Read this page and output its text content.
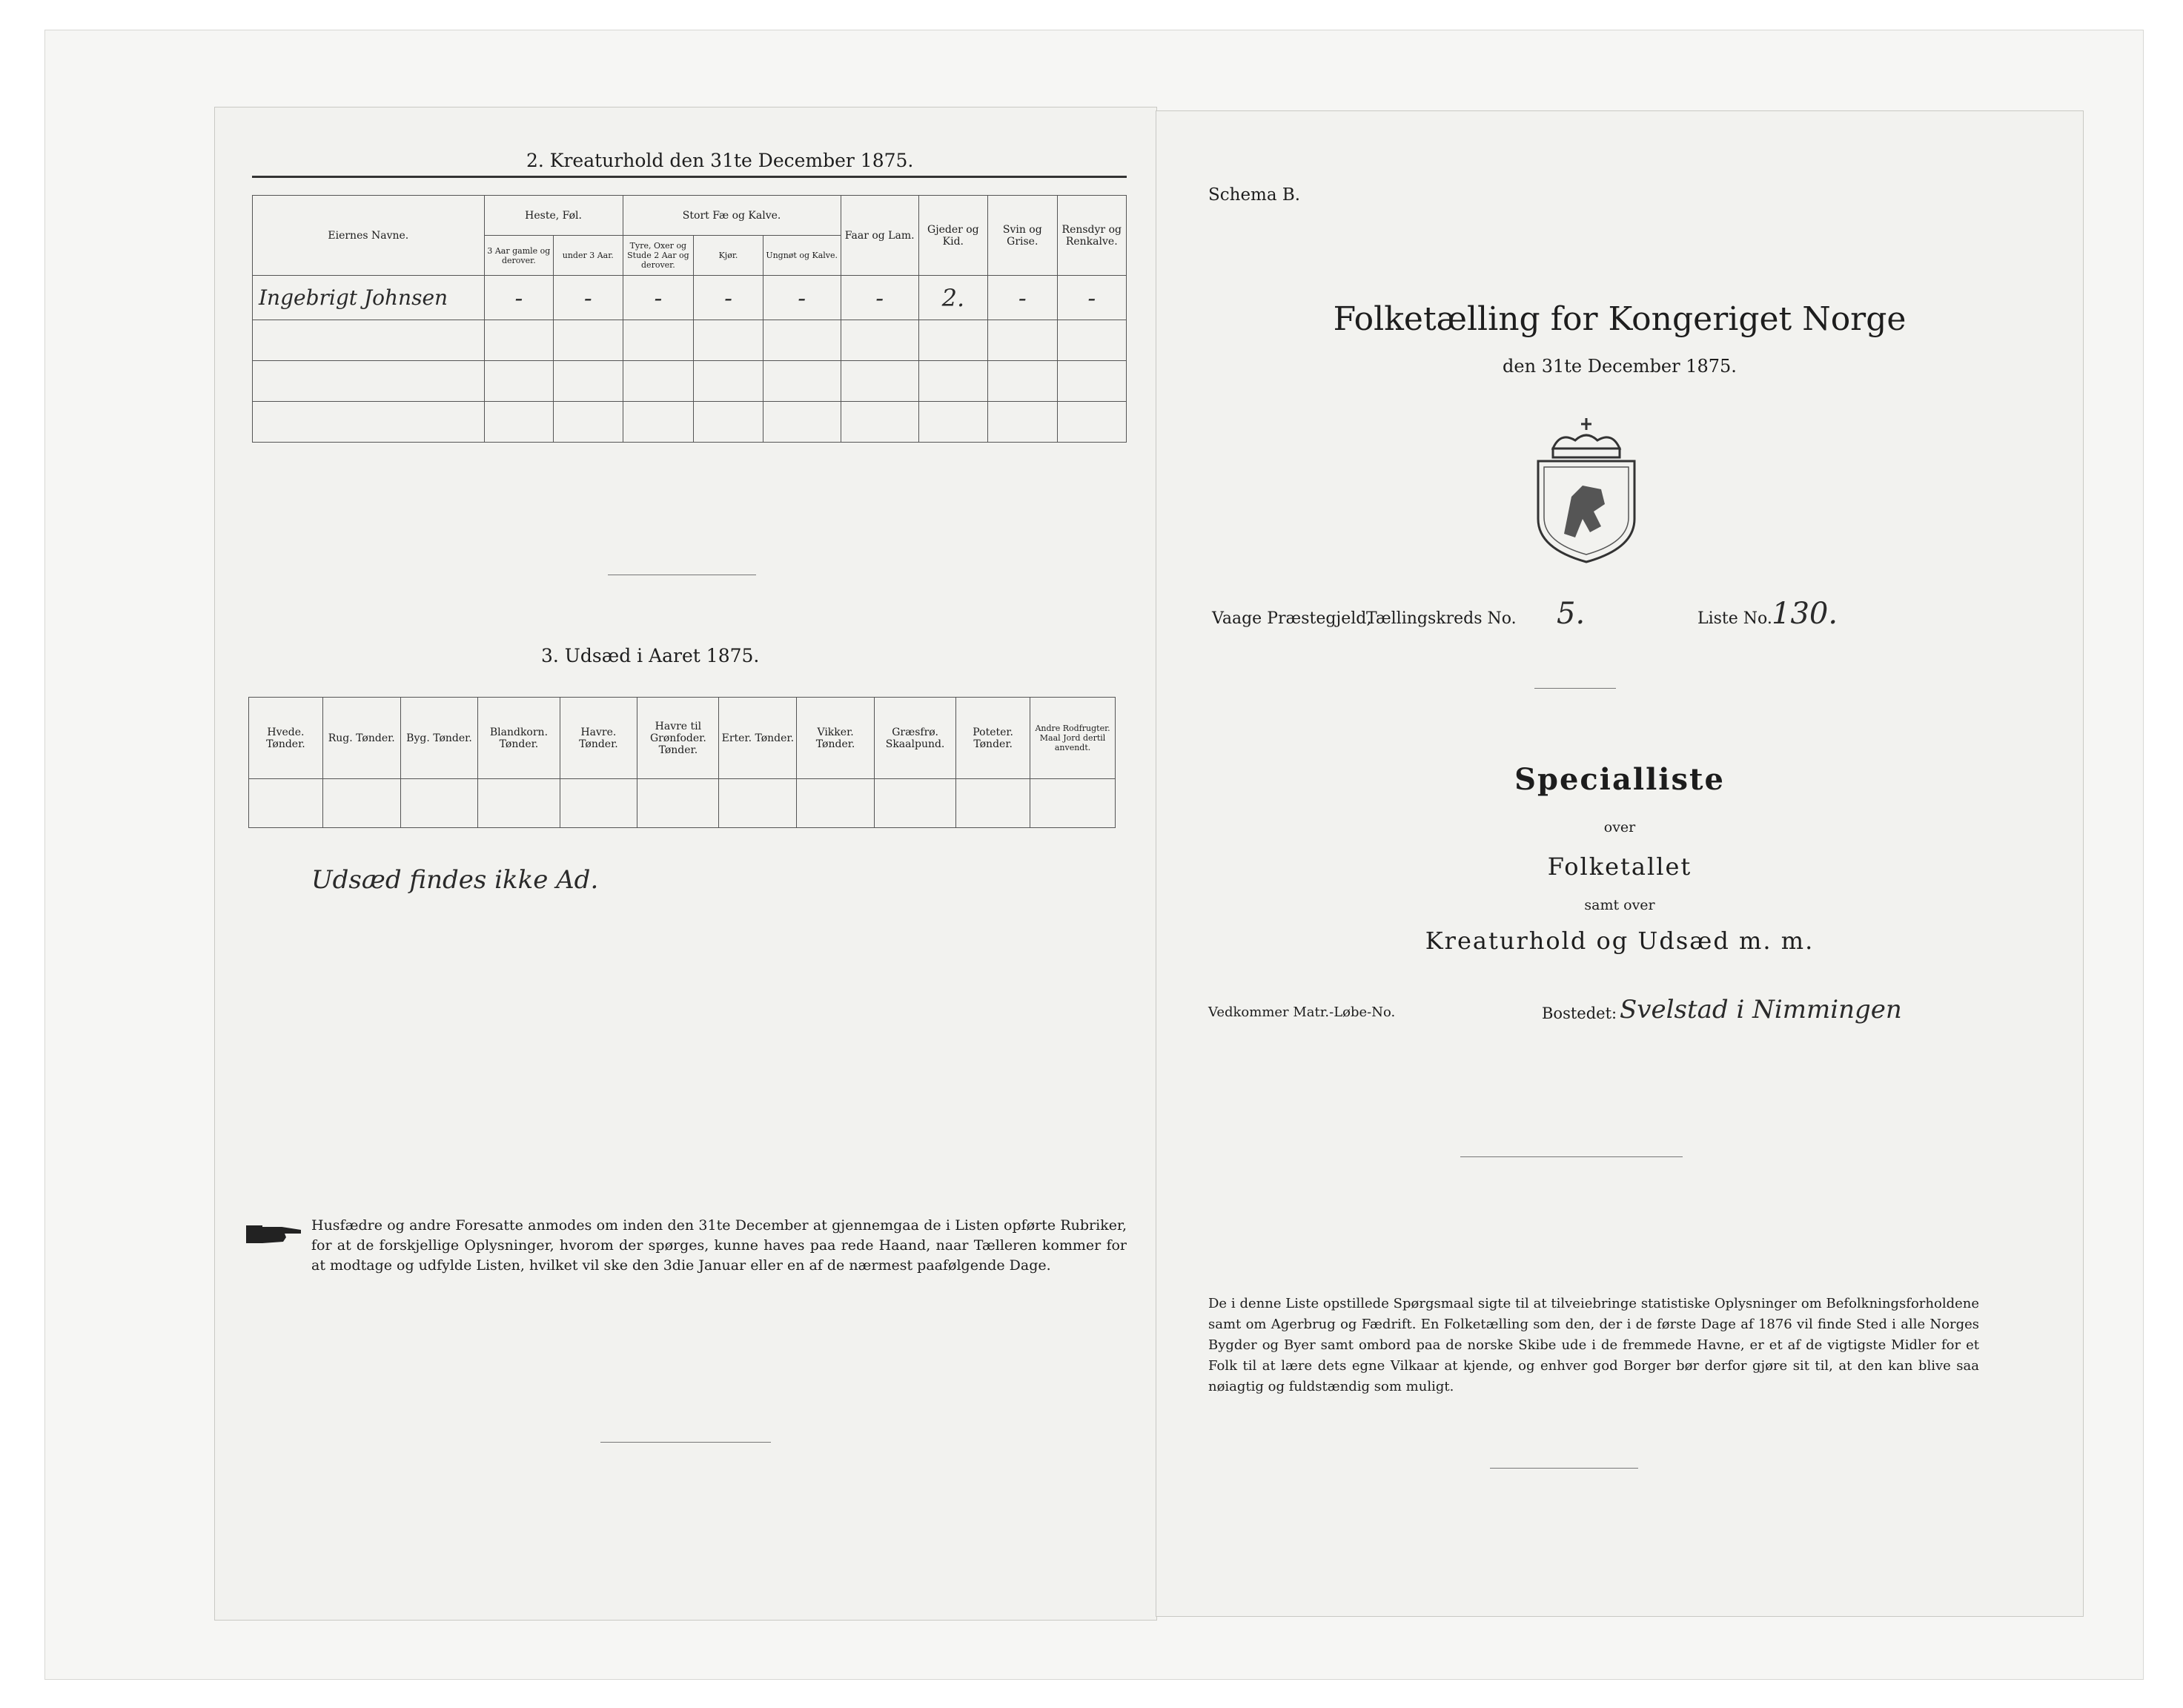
2. Kreaturhold den 31te December 1875.
Eiernes Navne.	Heste, Føl.		Stort Fæ og Kalve.			Faar og Lam.	Gjeder og Kid.	Svin og Grise.	Rensdyr og Renkalve.
	3 Aar gamle og derover.	under 3 Aar.	Tyre, Oxer og Stude 2 Aar og derover.	Kjør.	Ungnøt og Kalve.				
Ingebrigt Johnsen	-	-	-	-	-	-	2.	-	-

3. Udsæd i Aaret 1875.
Hvede. Tønder.	Rug. Tønder.	Byg. Tønder.	Blandkorn. Tønder.	Havre. Tønder.	Havre til Grønfoder. Tønder.	Erter. Tønder.	Vikker. Tønder.	Græsfrø. Skaalpund.	Poteter. Tønder.	Andre Rodfrugter. Maal Jord dertil anvendt.

Udsæd findes ikke Ad.
Husfædre og andre Foresatte anmodes om inden den 31te December at gjennemgaa de i Listen opførte Rubriker, for at de forskjellige Oplysninger, hvorom der spørges, kunne haves paa rede Haand, naar Tælleren kommer for at modtage og udfylde Listen, hvilket vil ske den 3die Januar eller en af de nærmest paafølgende Dage.
Schema B.
Folketælling for Kongeriget Norge
den 31te December 1875.
Vaage Præstegjeld,
Tællingskreds No. 5.	Liste No. 130.
Specialliste
over
Folketallet
samt over
Kreaturhold og Udsæd m. m.
Vedkommer Matr.-Løbe-No.	Bostedet: Svelstad i Nimmingen
De i denne Liste opstillede Spørgsmaal sigte til at tilveiebringe statistiske Oplysninger om Befolkningsforholdene samt om Agerbrug og Fædrift. En Folketælling som den, der i de første Dage af 1876 vil finde Sted i alle Norges Bygder og Byer samt ombord paa de norske Skibe ude i de fremmede Havne, er et af de vigtigste Midler for et Folk til at lære dets egne Vilkaar at kjende, og enhver god Borger bør derfor gjøre sit til, at den kan blive saa nøiagtig og fuldstændig som muligt.
